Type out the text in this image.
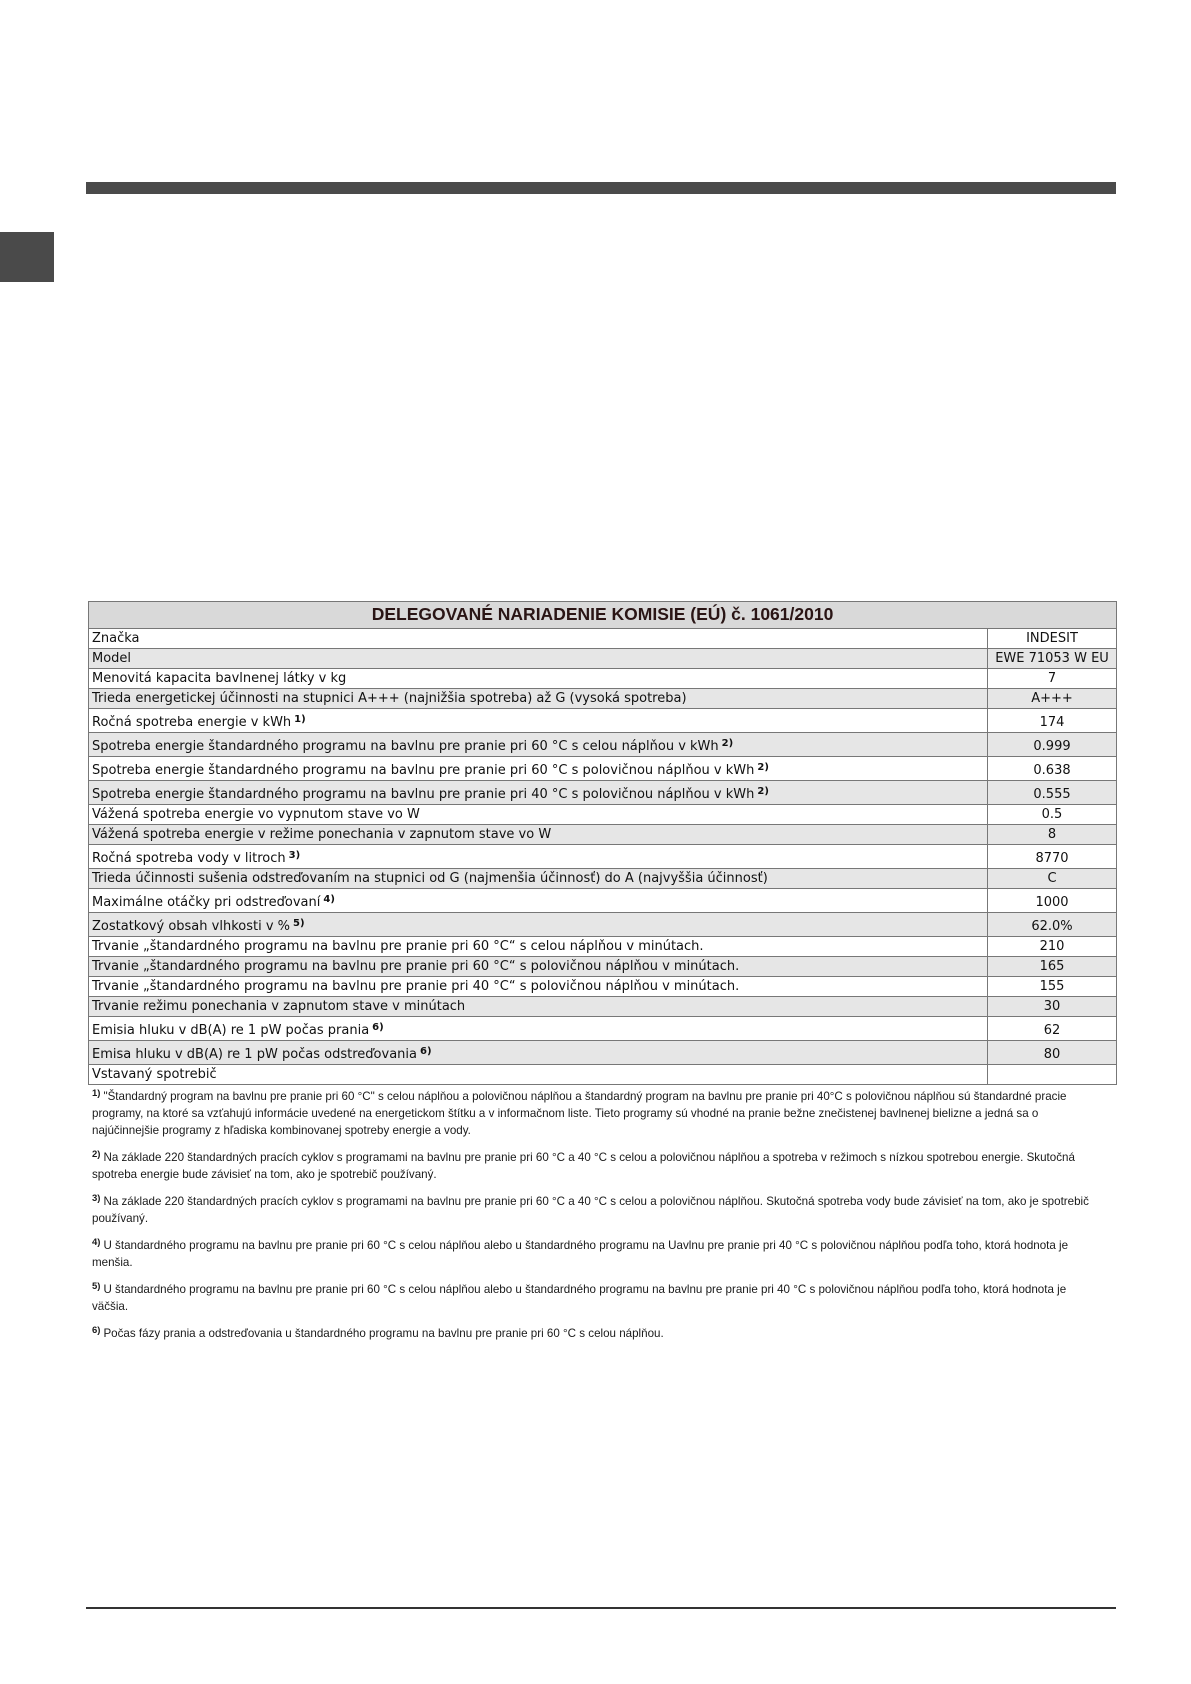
DELEGOVANÉ NARIADENIE KOMISIE (EÚ) č. 1061/2010	
Značka	INDESIT
Model	EWE 71053 W EU
Menovitá kapacita bavlnenej látky v kg	7
Trieda energetickej účinnosti na stupnici A+++ (najnižšia spotreba) až G (vysoká spotreba)	A+++
Ročná spotreba energie v kWh $^{1)}$	174
Spotreba energie štandardného programu na bavlnu pre pranie pri 60 °C s celou náplňou v kWh $^{2)}$	0.999
Spotreba energie štandardného programu na bavlnu pre pranie pri 60 °C s polovičnou náplňou v kWh $^{2)}$	0.638
Spotreba energie štandardného programu na bavlnu pre pranie pri 40 °C s polovičnou náplňou v kWh $^{2)}$	0.555
Vážená spotreba energie vo vypnutom stave vo W	0.5
Vážená spotreba energie v režime ponechania v zapnutom stave vo W	8
Ročná spotreba vody v litroch $^{3)}$	8770
Trieda účinnosti sušenia odstreďovaním na stupnici od G (najmenšia účinnosť) do A (najvyššia účinnosť)	C
Maximálne otáčky pri odstreďovaní $^{4)}$	1000
Zostatkový obsah vlhkosti v % $^{5)}$	62.0%
Trvanie „štandardného programu na bavlnu pre pranie pri 60 °C“ s celou náplňou v minútach.	210
Trvanie „štandardného programu na bavlnu pre pranie pri 60 °C“ s polovičnou náplňou v minútach.	165
Trvanie „štandardného programu na bavlnu pre pranie pri 40 °C“ s polovičnou náplňou v minútach.	155
Trvanie režimu ponechania v zapnutom stave v minútach	30
Emisia hluku v dB(A) re 1 pW počas prania $^{6)}$	62
Emisa hluku v dB(A) re 1 pW počas odstreďovania $^{6)}$	80
Vstavaný spotrebič	

$^{1)}$ "Štandardný program na bavlnu pre pranie pri 60 °C" s celou náplňou a polovičnou náplňou a štandardný program na bavlnu pre pranie pri 40°C s polovičnou náplňou sú štandardné pracie programy, na ktoré sa vzťahujú informácie uvedené na energetickom štítku a v informačnom liste. Tieto programy sú vhodné na pranie bežne znečistenej bavlnenej bielizne a jedná sa o najúčinnejšie programy z hľadiska kombinovanej spotreby energie a vody.

$^{2)}$ Na základe 220 štandardných pracích cyklov s programami na bavlnu pre pranie pri 60 °C a 40 °C s celou a polovičnou náplňou a spotreba v režimoch s nízkou spotrebou energie. Skutočná spotreba energie bude závisieť na tom, ako je spotrebič používaný.

$^{3)}$ Na základe 220 štandardných pracích cyklov s programami na bavlnu pre pranie pri 60 °C a 40 °C s celou a polovičnou náplňou. Skutočná spotreba vody bude závisieť na tom, ako je spotrebič používaný.

$^{4)}$ U štandardného programu na bavlnu pre pranie pri 60 °C s celou náplňou alebo u štandardného programu na Uavlnu pre pranie pri 40 °C s polovičnou náplňou podľa toho, ktorá hodnota je menšia.

$^{5)}$ U štandardného programu na bavlnu pre pranie pri 60 °C s celou náplňou alebo u štandardného programu na bavlnu pre pranie pri 40 °C s polovičnou náplňou podľa toho, ktorá hodnota je väčšia.

$^{6)}$ Počas fázy prania a odstreďovania u štandardného programu na bavlnu pre pranie pri 60 °C s celou náplňou.
